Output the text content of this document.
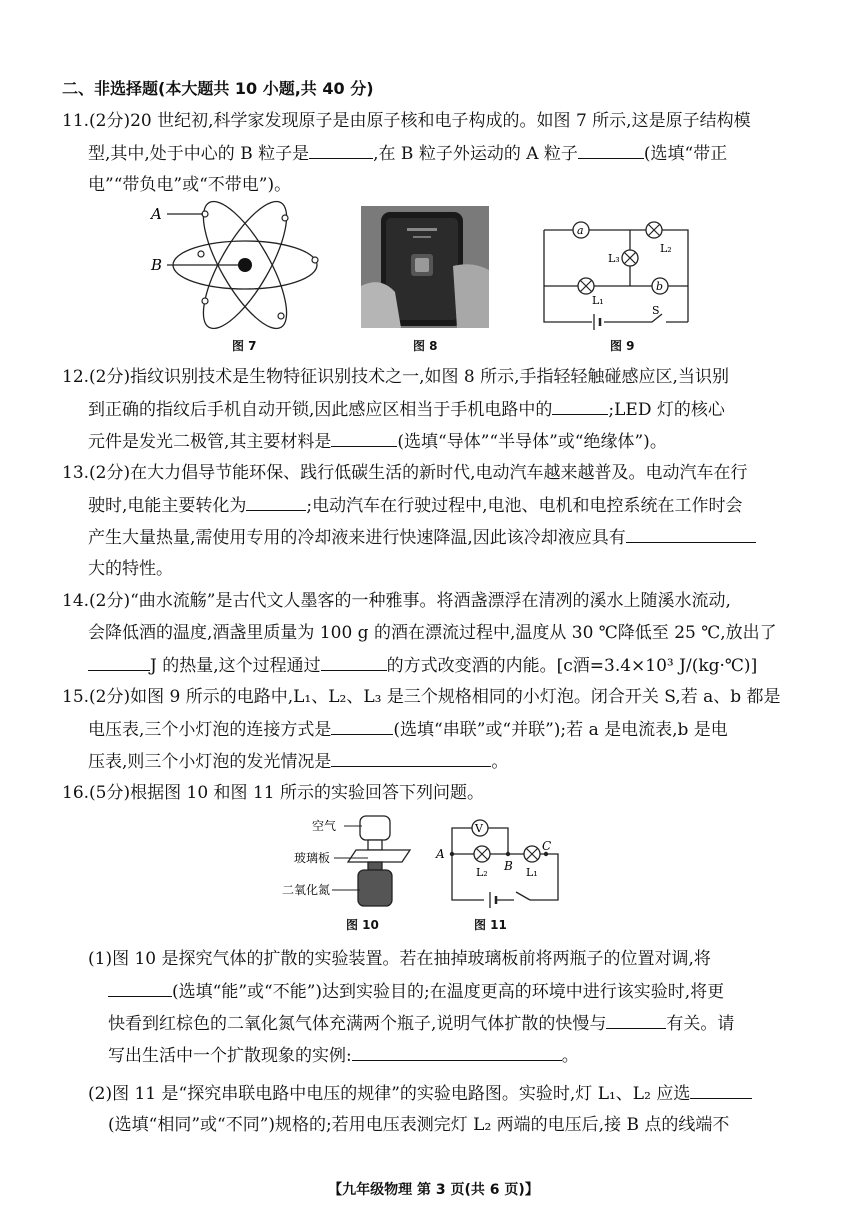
二、非选择题(本大题共 10 小题,共 40 分)
11.(2分)20 世纪初,科学家发现原子是由原子核和电子构成的。如图 7 所示,这是原子结构模
型,其中,处于中心的 B 粒子是	,在 B 粒子外运动的 A 粒子	(选填“带正
电”“带负电”或“不带电”)。
A
B
图 7	图 8
a
L₂
L₃
L₁
b
S
图 9
12.(2分)指纹识别技术是生物特征识别技术之一,如图 8 所示,手指轻轻触碰感应区,当识别
到正确的指纹后手机自动开锁,因此感应区相当于手机电路中的	;LED 灯的核心
元件是发光二极管,其主要材料是	(选填“导体”“半导体”或“绝缘体”)。
13.(2分)在大力倡导节能环保、践行低碳生活的新时代,电动汽车越来越普及。电动汽车在行
驶时,电能主要转化为	;电动汽车在行驶过程中,电池、电机和电控系统在工作时会
产生大量热量,需使用专用的冷却液来进行快速降温,因此该冷却液应具有
大的特性。
14.(2分)“曲水流觞”是古代文人墨客的一种雅事。将酒盏漂浮在清冽的溪水上随溪水流动,
会降低酒的温度,酒盏里质量为 100 g 的酒在漂流过程中,温度从 30 ℃降低至 25 ℃,放出了
J 的热量,这个过程通过	的方式改变酒的内能。[c酒=3.4×10³ J/(kg·℃)]
15.(2分)如图 9 所示的电路中,L₁、L₂、L₃ 是三个规格相同的小灯泡。闭合开关 S,若 a、b 都是
电压表,三个小灯泡的连接方式是	(选填“串联”或“并联”);若 a 是电流表,b 是电
压表,则三个小灯泡的发光情况是	。
16.(5分)根据图 10 和图 11 所示的实验回答下列问题。
空气
玻璃板
二氧化氮
图 10
V
A
B
C
L₂	L₁
图 11
(1)图 10 是探究气体的扩散的实验装置。若在抽掉玻璃板前将两瓶子的位置对调,将
(选填“能”或“不能”)达到实验目的;在温度更高的环境中进行该实验时,将更
快看到红棕色的二氧化氮气体充满两个瓶子,说明气体扩散的快慢与	有关。请
写出生活中一个扩散现象的实例:	。
(2)图 11 是“探究串联电路中电压的规律”的实验电路图。实验时,灯 L₁、L₂ 应选
(选填“相同”或“不同”)规格的;若用电压表测完灯 L₂ 两端的电压后,接 B 点的线端不
【九年级物理 第 3 页(共 6 页)】
